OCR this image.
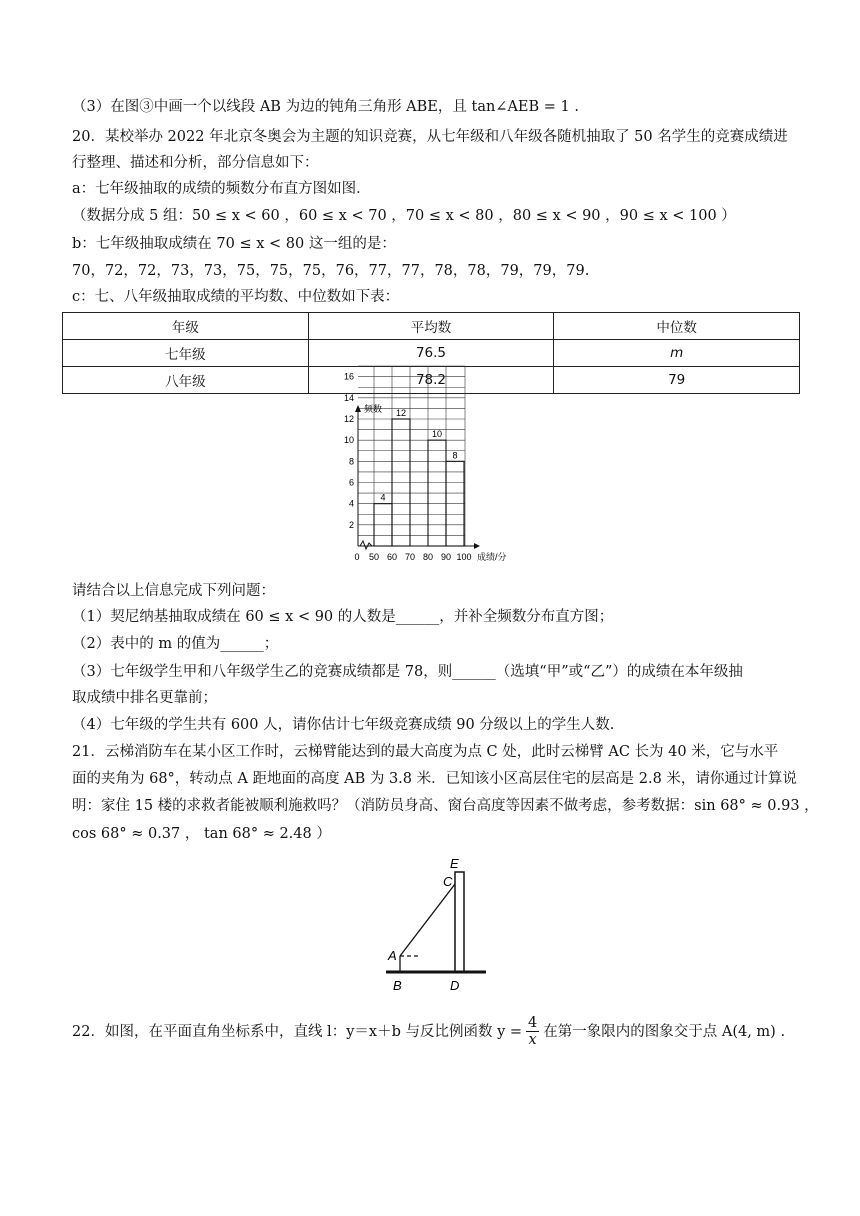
（3）在图③中画一个以线段 AB 为边的钝角三角形 ABE，且 tan∠AEB = 1 .
20．某校举办 2022 年北京冬奥会为主题的知识竞赛，从七年级和八年级各随机抽取了 50 名学生的竞赛成绩进
行整理、描述和分析，部分信息如下：
a：七年级抽取的成绩的频数分布直方图如图．
（数据分成 5 组：50 ≤ x < 60 ，60 ≤ x < 70 ，70 ≤ x < 80 ，80 ≤ x < 90 ，90 ≤ x < 100 ）
b：七年级抽取成绩在 70 ≤ x < 80 这一组的是：
70，72，72，73，73，75，75，75，76，77，77，78，78，79，79，79.
c：七、八年级抽取成绩的平均数、中位数如下表：
年级	平均数	中位数
七年级	76.5	m
八年级	78.2	79
4
12
10
8
2
4
6
8
10
12
14
16
0 50 60 70 80 90 100
频数
成绩/分
请结合以上信息完成下列问题：
（1）契尼纳基抽取成绩在 60 ≤ x < 90 的人数是______，并补全频数分布直方图；
（2）表中的 m 的值为______；
（3）七年级学生甲和八年级学生乙的竞赛成绩都是 78，则______（选填“甲”或“乙”）的成绩在本年级抽
取成绩中排名更靠前；
（4）七年级的学生共有 600 人，请你估计七年级竞赛成绩 90 分级以上的学生人数.
21．云梯消防车在某小区工作时，云梯臂能达到的最大高度为点 C 处，此时云梯臂 AC 长为 40 米，它与水平
面的夹角为 68°，转动点 A 距地面的高度 AB 为 3.8 米．已知该小区高层住宅的层高是 2.8 米，请你通过计算说
明：家住 15 楼的求救者能被顺利施救吗？（消防员身高、窗台高度等因素不做考虑，参考数据：sin 68° ≈ 0.93 ，
cos 68° ≈ 0.37 ， tan 68° ≈ 2.48 ）
E
C
A
B	D
22．如图，在平面直角坐标系中，直线 l：y＝x＋b 与反比例函数 $y = \frac{4}{x}$ 在第一象限内的图象交于点 A(4, m) .
